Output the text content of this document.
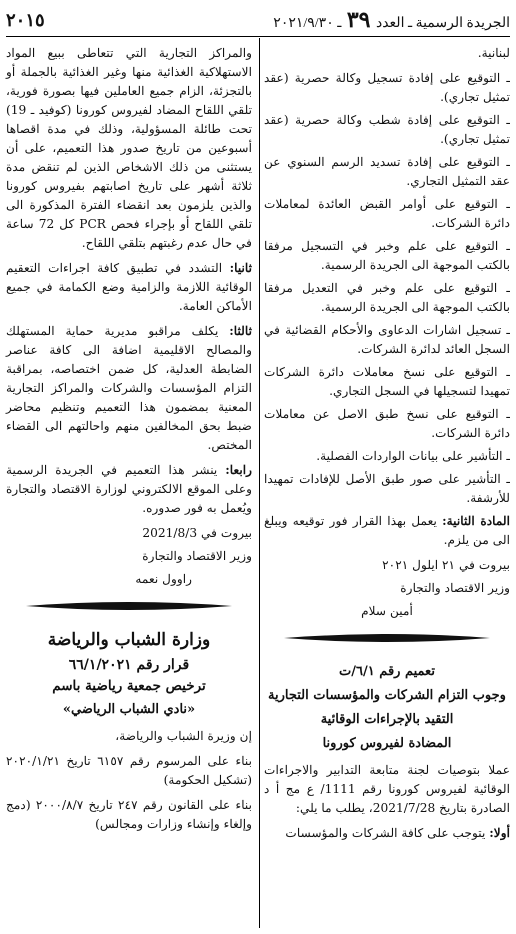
الجريدة الرسمية ـ العدد ٣٩ ـ ٢٠٢١/٩/٣٠
٢٠١٥

لبنانية.

ـ التوقيع على إفادة تسجيل وكالة حصرية (عقد تمثيل تجاري).
ـ التوقيع على إفادة شطب وكالة حصرية (عقد تمثيل تجاري).
ـ التوقيع على إفادة تسديد الرسم السنوي عن عقد التمثيل التجاري.
ـ التوقيع على أوامر القبض العائدة لمعاملات دائرة الشركات.
ـ التوقيع على علم وخبر في التسجيل مرفقا بالكتب الموجهة الى الجريدة الرسمية.
ـ التوقيع على علم وخبر في التعديل مرفقا بالكتب الموجهة الى الجريدة الرسمية.
ـ تسجيل اشارات الدعاوى والأحكام القضائية في السجل العائد لدائرة الشركات.
ـ التوقيع على نسخ معاملات دائرة الشركات تمهيدا لتسجيلها في السجل التجاري.
ـ التوقيع على نسخ طبق الاصل عن معاملات دائرة الشركات.
ـ التأشير على بيانات الواردات الفصلية.
ـ التأشير على صور طبق الأصل للإفادات تمهيدا للأرشفة.

المادة الثانية: يعمل بهذا القرار فور توقيعه ويبلغ الى من يلزم.

بيروت في ٢١ ايلول ٢٠٢١
وزير الاقتصاد والتجارة
أمين سلام
تعميم رقم ٦/١/ت
وجوب التزام الشركات والمؤسسات التجارية
التقيد بالإجراءات الوقائية
المضادة لفيروس كورونا

عملا بتوصيات لجنة متابعة التدابير والاجراءات الوقائية لفيروس كورونا رقم 1111/ ع مج أ د الصادرة بتاريخ 2021/7/28، يطلب ما يلي:

أولا: يتوجب على كافة الشركات والمؤسسات

والمراكز التجارية التي تتعاطى ببيع المواد الاستهلاكية الغذائية منها وغير الغذائية بالجملة أو بالتجزئة، الزام جميع العاملين فيها بصورة فورية، تلقي اللقاح المضاد لفيروس كورونا (كوفيد ـ 19) تحت طائلة المسؤولية، وذلك في مدة اقصاها أسبوعين من تاريخ صدور هذا التعميم، على أن يستثنى من ذلك الاشخاص الذين لم تنقض مدة ثلاثة أشهر على تاريخ اصابتهم بفيروس كورونا والذين يلزمون بعد انقضاء الفترة المذكورة الى تلقي اللقاح أو بإجراء فحص PCR كل 72 ساعة في حال عدم رغبتهم بتلقي اللقاح.

ثانيا: التشدد في تطبيق كافة اجراءات التعقيم الوقائية اللازمة والزامية وضع الكمامة في جميع الأماكن العامة.

ثالثا: يكلف مراقبو مديرية حماية المستهلك والمصالح الاقليمية اضافة الى كافة عناصر الضابطة العدلية، كل ضمن اختصاصه، بمراقبة التزام المؤسسات والشركات والمراكز التجارية المعنية بمضمون هذا التعميم وتنظيم محاضر ضبط بحق المخالفين منهم واحالتهم الى القضاء المختص.

رابعا: ينشر هذا التعميم في الجريدة الرسمية وعلى الموقع الالكتروني لوزارة الاقتصاد والتجارة ويُعمل به فور صدوره.

بيروت في 2021/8/3
وزير الاقتصاد والتجارة
راوول نعمه
وزارة الشباب والرياضة
قرار رقم ٦٦/١/٢٠٢١
ترخيص جمعية رياضية باسم
«نادي الشباب الرياضي»

إن وزيرة الشباب والرياضة،

بناء على المرسوم رقم ٦١٥٧ تاريخ ٢٠٢٠/١/٢١ (تشكيل الحكومة)

بناء على القانون رقم ٢٤٧ تاريخ ٢٠٠٠/٨/٧ (دمج وإلغاء وإنشاء وزارات ومجالس)
